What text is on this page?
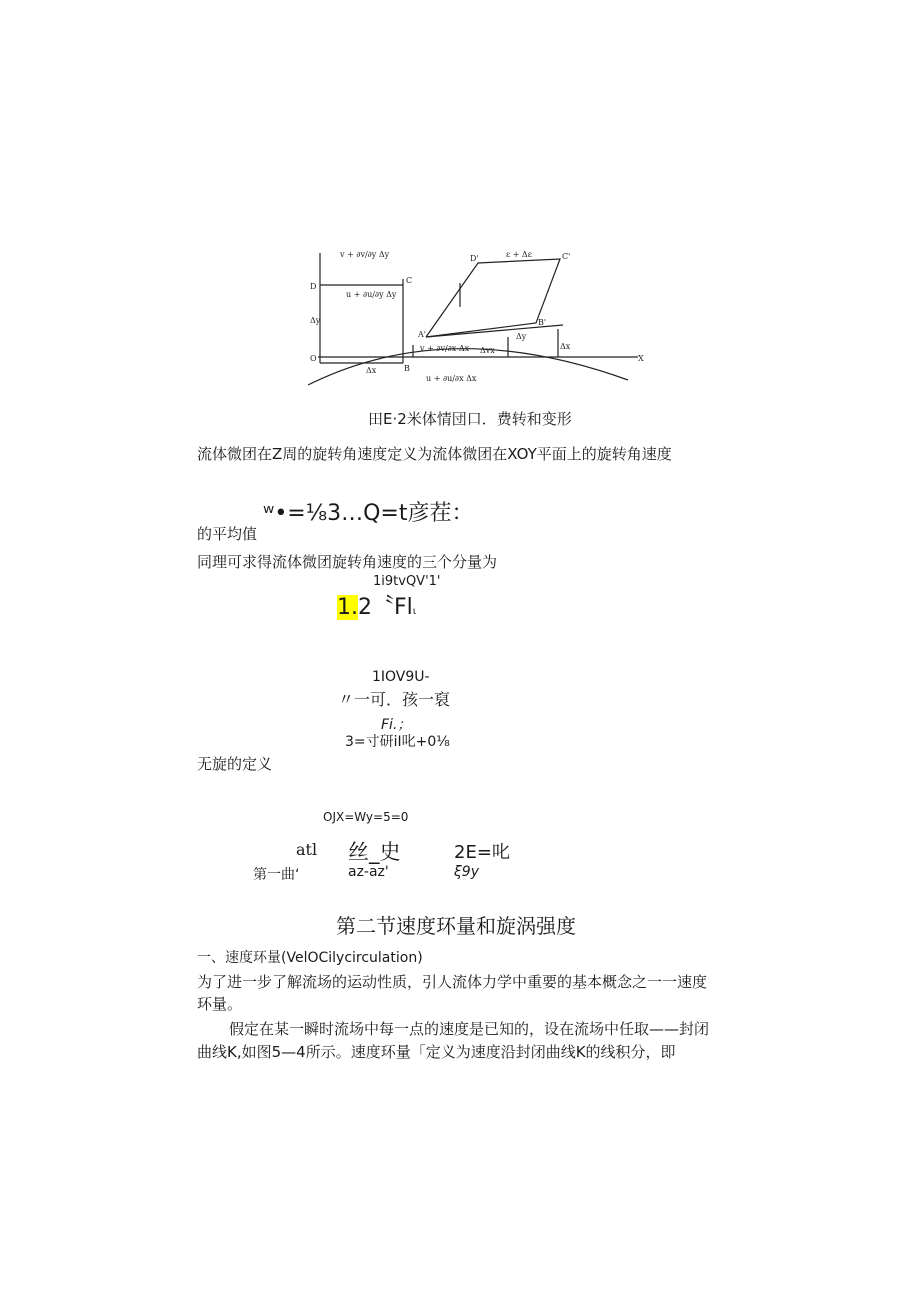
v + ∂v/∂y Δy
u + ∂u/∂y Δy
D
C
Δy
O
B
Δx
u + ∂u/∂x Δx
v + ∂v/∂x Δx
ε + Δε
A'
B'
D'	C'
X
Δx
Δy
Δvx
田E·2米体情団口．费转和变形
流体微团在Z周的旋转角速度定义为流体微团在XOY平面上的旋转角速度
ʷ•=⅛3…Q=t彦茬：
的平均值
同理可求得流体微团旋转角速度的三个分量为
1i9tvQV'1'
1.2〝Flι
1IOV9U-
〃一可．孩一裒
Fi.；
3=寸研iI叱+0⅛
无旋的定义
OJX=Wy=5=0
atl 丝_史	2E=叱
第一曲‘	az-az'	ξ9y
第二节速度环量和旋涡强度
一、速度环量(VelOCilycirculation)
为了进一步了解流场的运动性质，引人流体力学中重要的基本概念之一一速度
环量。
假定在某一瞬时流场中每一点的速度是已知的，设在流场中任取——封闭
曲线K,如图5—4所示。速度环量「定义为速度沿封闭曲线K的线积分，即
